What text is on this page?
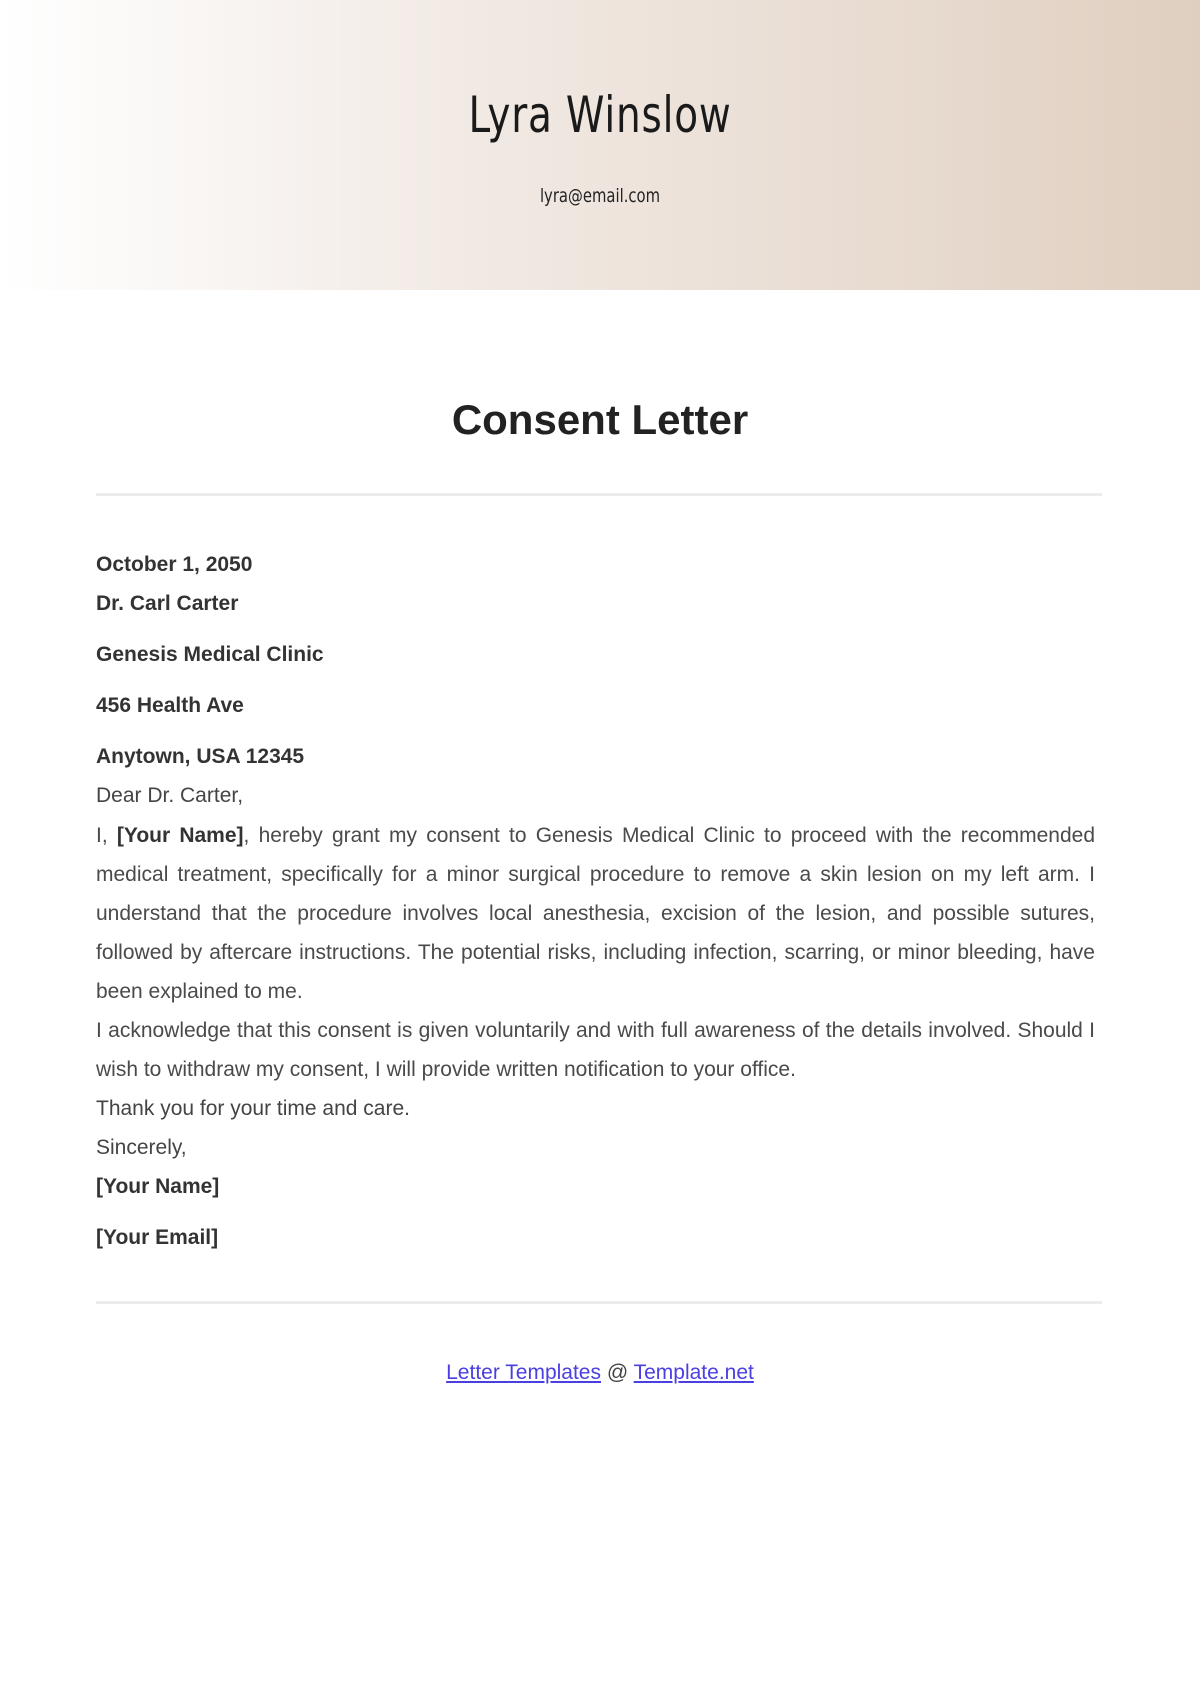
Lyra Winslow
lyra@email.com
Consent Letter
October 1, 2050
Dr. Carl Carter
Genesis Medical Clinic
456 Health Ave
Anytown, USA 12345
Dear Dr. Carter,
I, [Your Name], hereby grant my consent to Genesis Medical Clinic to proceed with the recommended medical treatment, specifically for a minor surgical procedure to remove a skin lesion on my left arm. I understand that the procedure involves local anesthesia, excision of the lesion, and possible sutures, followed by aftercare instructions. The potential risks, including infection, scarring, or minor bleeding, have been explained to me.
I acknowledge that this consent is given voluntarily and with full awareness of the details involved. Should I wish to withdraw my consent, I will provide written notification to your office.
Thank you for your time and care.
Sincerely,
[Your Name]
[Your Email]
Letter Templates @ Template.net
